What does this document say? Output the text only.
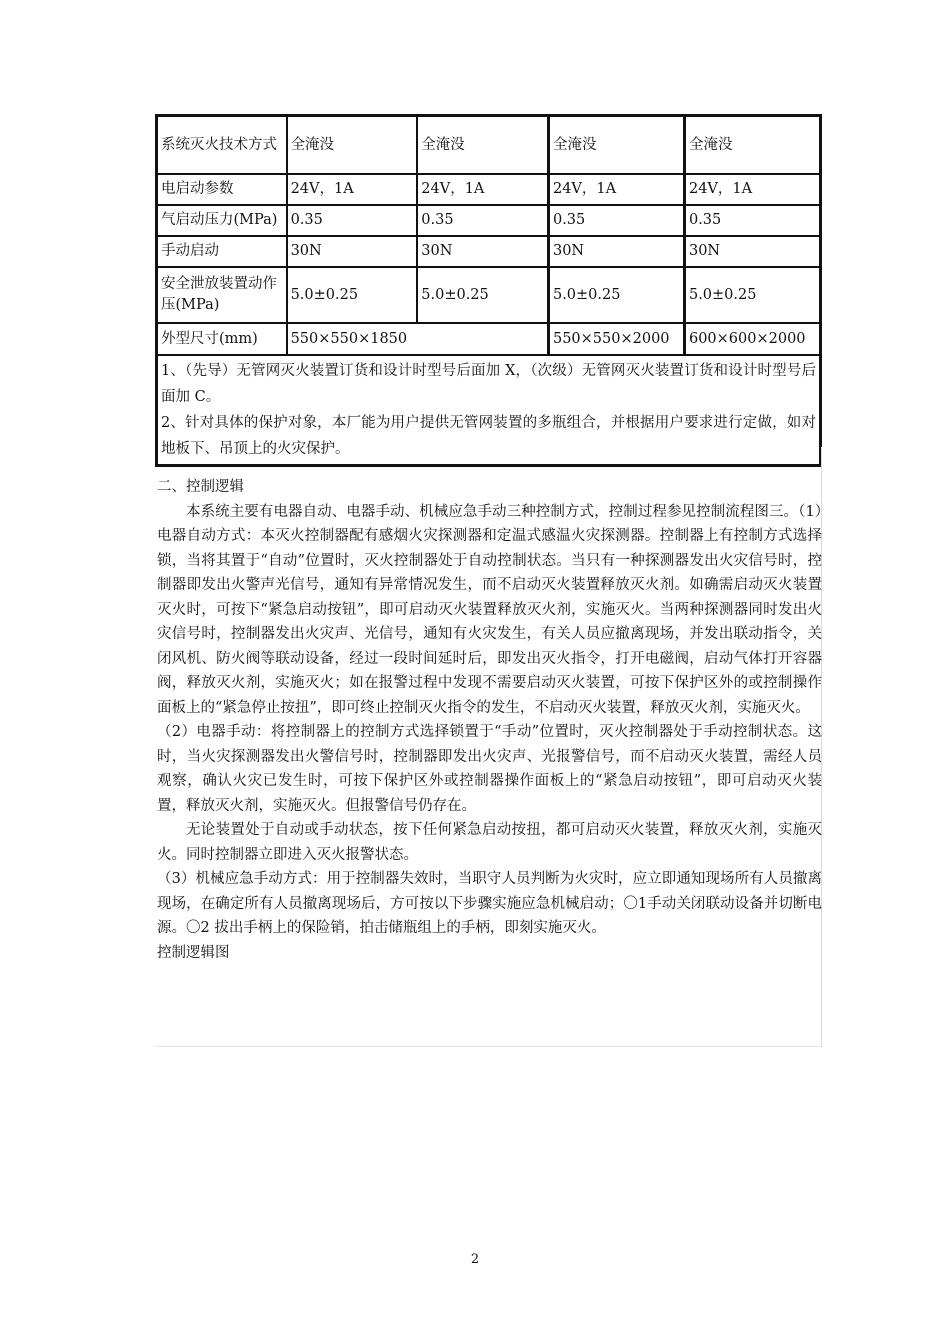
系统灭火技术方式	全淹没	全淹没	全淹没	全淹没
电启动参数	24V，1A	24V，1A	24V，1A	24V，1A
气启动压力(MPa)	0.35	0.35	0.35	0.35
手动启动	30N	30N	30N	30N
安全泄放装置动作压(MPa)	5.0±0.25	5.0±0.25	5.0±0.25	5.0±0.25
外型尺寸(mm)	550×550×1850		550×550×2000	600×600×2000

1、（先导）无管网灭火装置订货和设计时型号后面加 X，（次级）无管网灭火装置订货和设计时型号后面加 C。
2、针对具体的保护对象，本厂能为用户提供无管网装置的多瓶组合，并根据用户要求进行定做，如对地板下、吊顶上的火灾保护。				

二、控制逻辑

本系统主要有电器自动、电器手动、机械应急手动三种控制方式，控制过程参见控制流程图三。（1）电器自动方式：本灭火控制器配有感烟火灾探测器和定温式感温火灾探测器。控制器上有控制方式选择锁，当将其置于“自动”位置时，灭火控制器处于自动控制状态。当只有一种探测器发出火灾信号时，控制器即发出火警声光信号，通知有异常情况发生，而不启动灭火装置释放灭火剂。如确需启动灭火装置灭火时，可按下“紧急启动按钮”，即可启动灭火装置释放灭火剂，实施灭火。当两种探测器同时发出火灾信号时，控制器发出火灾声、光信号，通知有火灾发生，有关人员应撤离现场，并发出联动指令，关闭风机、防火阀等联动设备，经过一段时间延时后，即发出灭火指令，打开电磁阀，启动气体打开容器阀，释放灭火剂，实施灭火；如在报警过程中发现不需要启动灭火装置，可按下保护区外的或控制操作面板上的“紧急停止按扭”，即可终止控制灭火指令的发生，不启动灭火装置，释放灭火剂，实施灭火。

（2）电器手动：将控制器上的控制方式选择锁置于“手动”位置时，灭火控制器处于手动控制状态。这时，当火灾探测器发出火警信号时，控制器即发出火灾声、光报警信号，而不启动灭火装置，需经人员观察，确认火灾已发生时，可按下保护区外或控制器操作面板上的“紧急启动按钮”，即可启动灭火装置，释放灭火剂，实施灭火。但报警信号仍存在。

无论装置处于自动或手动状态，按下任何紧急启动按扭，都可启动灭火装置，释放灭火剂，实施灭火。同时控制器立即进入灭火报警状态。

（3）机械应急手动方式：用于控制器失效时，当职守人员判断为火灾时，应立即通知现场所有人员撤离现场，在确定所有人员撤离现场后，方可按以下步骤实施应急机械启动；〇1手动关闭联动设备并切断电源。〇2 拔出手柄上的保险销，拍击储瓶组上的手柄，即刻实施灭火。

控制逻辑图

2
